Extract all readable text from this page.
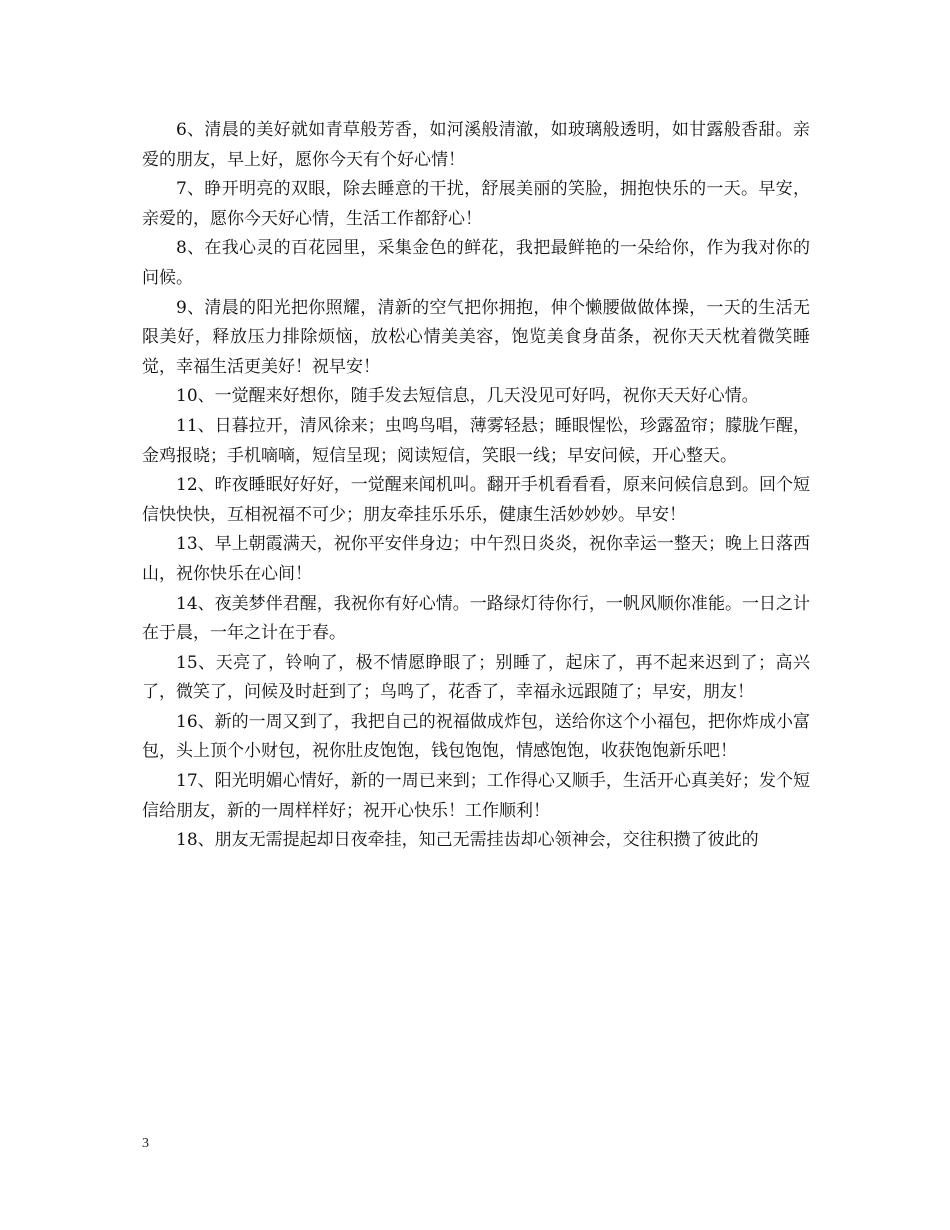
6、清晨的美好就如青草般芳香，如河溪般清澈，如玻璃般透明，如甘露般香甜。亲爱的朋友，早上好，愿你今天有个好心情！

7、睁开明亮的双眼，除去睡意的干扰，舒展美丽的笑脸，拥抱快乐的一天。早安，亲爱的，愿你今天好心情，生活工作都舒心！

8、在我心灵的百花园里，采集金色的鲜花，我把最鲜艳的一朵给你，作为我对你的问候。

9、清晨的阳光把你照耀，清新的空气把你拥抱，伸个懒腰做做体操，一天的生活无限美好，释放压力排除烦恼，放松心情美美容，饱览美食身苗条，祝你天天枕着微笑睡觉，幸福生活更美好！祝早安！

10、一觉醒来好想你，随手发去短信息，几天没见可好吗，祝你天天好心情。

11、日暮拉开，清风徐来；虫鸣鸟唱，薄雾轻悬；睡眼惺忪，珍露盈帘；朦胧乍醒，金鸡报晓；手机嘀嘀，短信呈现；阅读短信，笑眼一线；早安问候，开心整天。

12、昨夜睡眠好好好，一觉醒来闻机叫。翻开手机看看看，原来问候信息到。回个短信快快快，互相祝福不可少；朋友牵挂乐乐乐，健康生活妙妙妙。早安！

13、早上朝霞满天，祝你平安伴身边；中午烈日炎炎，祝你幸运一整天；晚上日落西山，祝你快乐在心间！

14、夜美梦伴君醒，我祝你有好心情。一路绿灯待你行，一帆风顺你准能。一日之计在于晨，一年之计在于春。

15、天亮了，铃响了，极不情愿睁眼了；别睡了，起床了，再不起来迟到了；高兴了，微笑了，问候及时赶到了；鸟鸣了，花香了，幸福永远跟随了；早安，朋友！

16、新的一周又到了，我把自己的祝福做成炸包，送给你这个小福包，把你炸成小富包，头上顶个小财包，祝你肚皮饱饱，钱包饱饱，情感饱饱，收获饱饱新乐吧！

17、阳光明媚心情好，新的一周已来到；工作得心又顺手，生活开心真美好；发个短信给朋友，新的一周样样好；祝开心快乐！工作顺利！

18、朋友无需提起却日夜牵挂，知己无需挂齿却心领神会，交往积攒了彼此的

3
